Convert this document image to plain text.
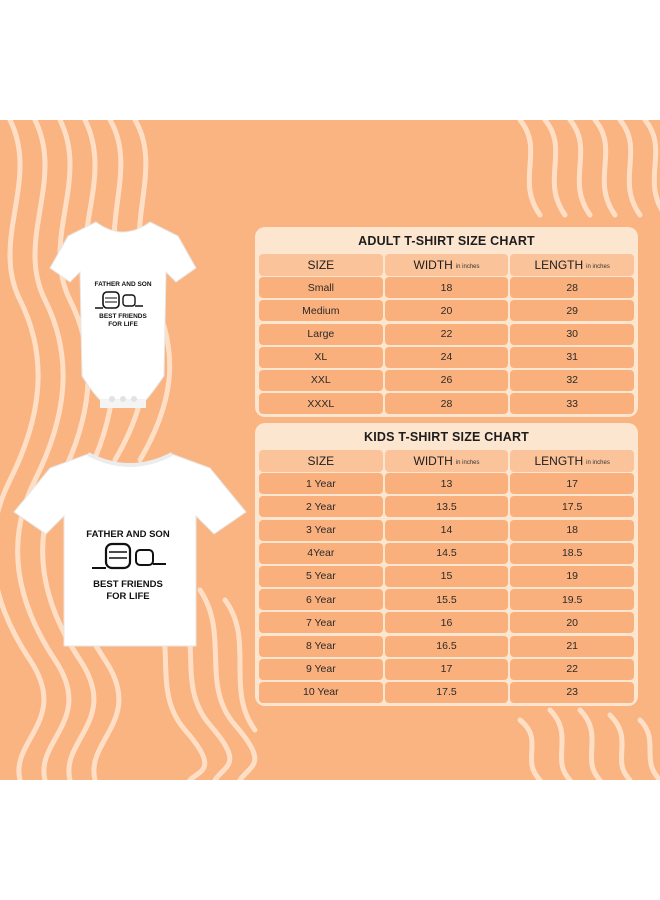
FATHER AND SON
BEST FRIENDS
FOR LIFE
FATHER AND SON
BEST FRIENDS
FOR LIFE
ADULT T-SHIRT SIZE CHART
SIZE	WIDTH in inches	LENGTH in inches
Small	18	28
Medium	20	29
Large	22	30
XL	24	31
XXL	26	32
XXXL	28	33
KIDS T-SHIRT SIZE CHART
SIZE	WIDTH in inches	LENGTH in inches
1 Year	13	17
2 Year	13.5	17.5
3 Year	14	18
4Year	14.5	18.5
5 Year	15	19
6 Year	15.5	19.5
7 Year	16	20
8 Year	16.5	21
9 Year	17	22
10 Year	17.5	23
